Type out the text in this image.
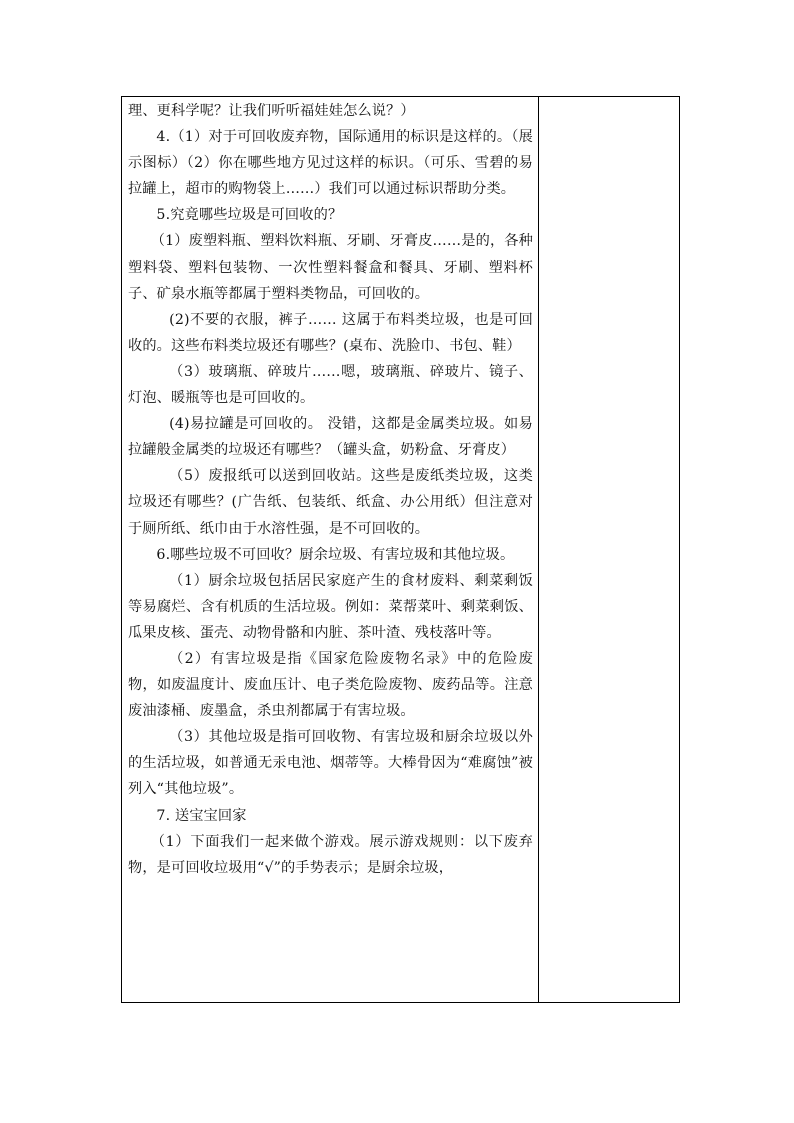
理、更科学呢？让我们听听福娃娃怎么说？）

4.（1）对于可回收废弃物，国际通用的标识是这样的。（展示图标）（2）你在哪些地方见过这样的标识。（可乐、雪碧的易拉罐上，超市的购物袋上……）我们可以通过标识帮助分类。

5.究竟哪些垃圾是可回收的？

（1）废塑料瓶、塑料饮料瓶、牙刷、牙膏皮……是的，各种塑料袋、塑料包装物、一次性塑料餐盒和餐具、牙刷、塑料杯子、矿泉水瓶等都属于塑料类物品，可回收的。

(2)不要的衣服，裤子…… 这属于布料类垃圾，也是可回收的。这些布料类垃圾还有哪些？(桌布、洗脸巾、书包、鞋）

（3）玻璃瓶、碎玻片……嗯，玻璃瓶、碎玻片、镜子、灯泡、暖瓶等也是可回收的。

(4)易拉罐是可回收的。 没错，这都是金属类垃圾。如易拉罐般金属类的垃圾还有哪些？（罐头盒，奶粉盒、牙膏皮）

（5）废报纸可以送到回收站。这些是废纸类垃圾，这类垃圾还有哪些？(广告纸、包装纸、纸盒、办公用纸）但注意对于厕所纸、纸巾由于水溶性强，是不可回收的。

6.哪些垃圾不可回收？厨余垃圾、有害垃圾和其他垃圾。

（1）厨余垃圾包括居民家庭产生的食材废料、剩菜剩饭等易腐烂、含有机质的生活垃圾。例如：菜帮菜叶、剩菜剩饭、瓜果皮核、蛋壳、动物骨骼和内脏、茶叶渣、残枝落叶等。

（2）有害垃圾是指《国家危险废物名录》中的危险废物，如废温度计、废血压计、电子类危险废物、废药品等。注意废油漆桶、废墨盒，杀虫剂都属于有害垃圾。

（3）其他垃圾是指可回收物、有害垃圾和厨余垃圾以外的生活垃圾，如普通无汞电池、烟蒂等。大棒骨因为“难腐蚀”被列入“其他垃圾”。

7. 送宝宝回家

（1）下面我们一起来做个游戏。展示游戏规则：以下废弃物，是可回收垃圾用“√”的手势表示；是厨余垃圾，
